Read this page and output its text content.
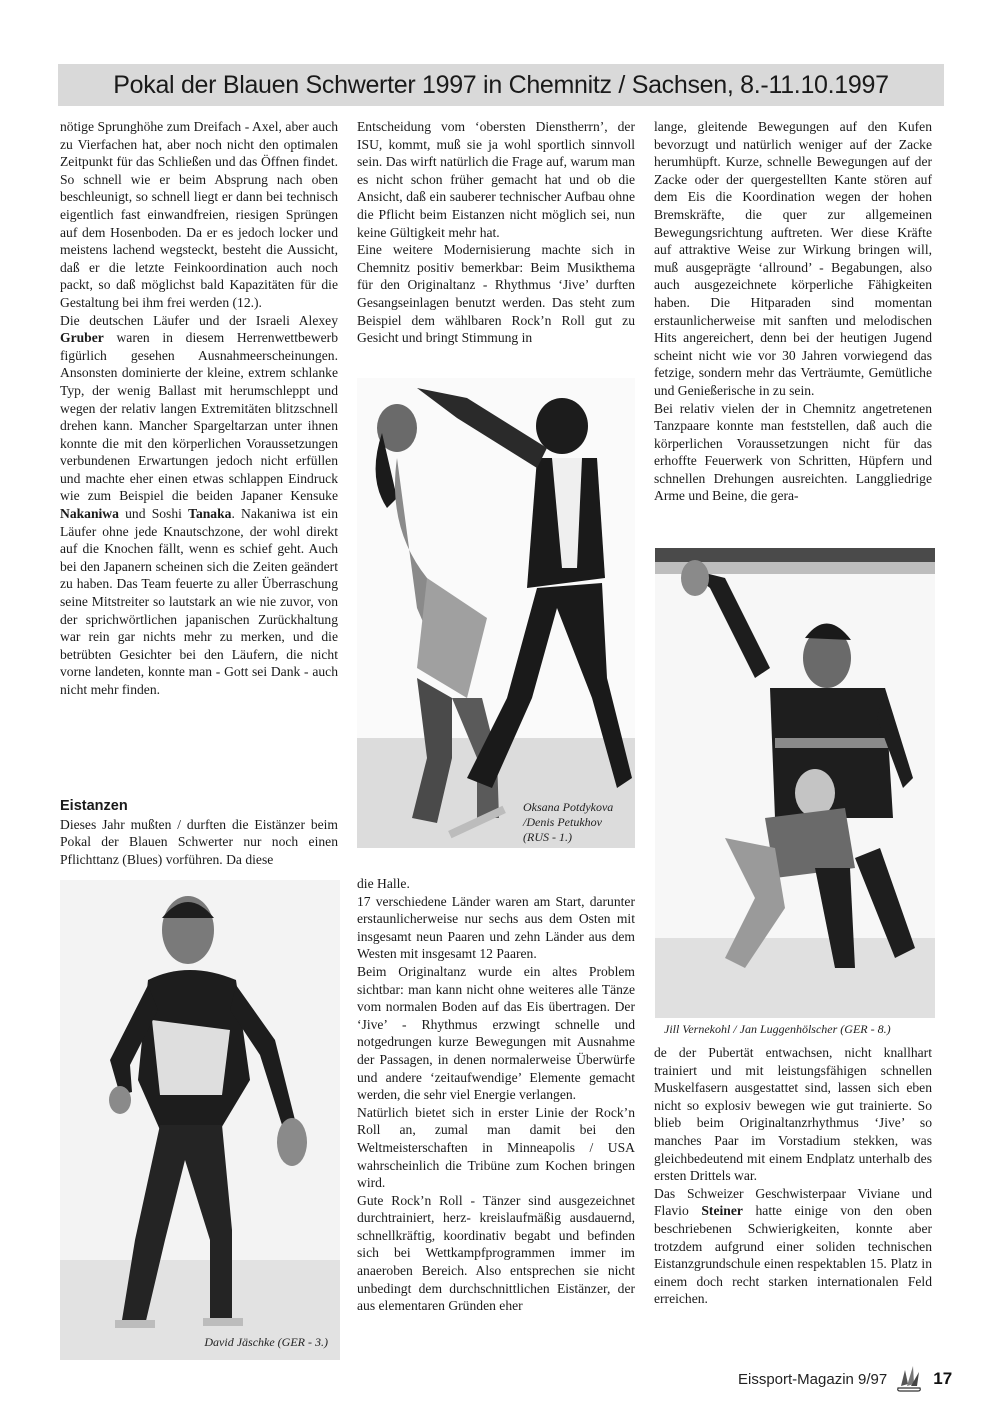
Pokal der Blauen Schwerter 1997 in Chemnitz / Sachsen, 8.-11.10.1997

nötige Sprunghöhe zum Dreifach - Axel, aber auch zu Vierfachen hat, aber noch nicht den optimalen Zeitpunkt für das Schließen und das Öffnen findet. So schnell wie er beim Absprung nach oben beschleunigt, so schnell liegt er dann bei technisch eigentlich fast einwandfreien, riesigen Sprüngen auf dem Hosenboden. Da er es jedoch locker und meistens lachend wegsteckt, besteht die Aussicht, daß er die letzte Feinkoordination auch noch packt, so daß möglichst bald Kapazitäten für die Gestaltung bei ihm frei werden (12.).

Die deutschen Läufer und der Israeli Alexey Gruber waren in diesem Herrenwettbewerb figürlich gesehen Ausnahmeerscheinungen. Ansonsten dominierte der kleine, extrem schlanke Typ, der wenig Ballast mit herumschleppt und wegen der relativ langen Extremitäten blitzschnell drehen kann. Mancher Spargeltarzan unter ihnen konnte die mit den körperlichen Voraussetzungen verbundenen Erwartungen jedoch nicht erfüllen und machte eher einen etwas schlappen Eindruck wie zum Beispiel die beiden Japaner Kensuke Nakaniwa und Soshi Tanaka. Nakaniwa ist ein Läufer ohne jede Knautschzone, der wohl direkt auf die Knochen fällt, wenn es schief geht. Auch bei den Japanern scheinen sich die Zeiten geändert zu haben. Das Team feuerte zu aller Überraschung seine Mitstreiter so lautstark an wie nie zuvor, von der sprichwörtlichen japanischen Zurückhaltung war rein gar nichts mehr zu merken, und die betrübten Gesichter bei den Läufern, die nicht vorne landeten, konnte man - Gott sei Dank - auch nicht mehr finden.

Eistanzen

Dieses Jahr mußten / durften die Eistänzer beim Pokal der Blauen Schwerter nur noch einen Pflichttanz (Blues) vorführen. Da diese

David Jäschke (GER - 3.)

Entscheidung vom ‘obersten Dienstherrn’, der ISU, kommt, muß sie ja wohl sportlich sinnvoll sein. Das wirft natürlich die Frage auf, warum man es nicht schon früher gemacht hat und ob die Ansicht, daß ein sauberer technischer Aufbau ohne die Pflicht beim Eistanzen nicht möglich sei, nun keine Gültigkeit mehr hat.

Eine weitere Modernisierung machte sich in Chemnitz positiv bemerkbar: Beim Musikthema für den Originaltanz - Rhythmus ‘Jive’ durften Gesangseinlagen benutzt werden. Das steht zum Beispiel dem wählbaren Rock’n Roll gut zu Gesicht und bringt Stimmung in

Oksana Potdykova
/Denis Petukhov
(RUS - 1.)

die Halle.

17 verschiedene Länder waren am Start, darunter erstaunlicherweise nur sechs aus dem Osten mit insgesamt neun Paaren und zehn Länder aus dem Westen mit insgesamt 12 Paaren.

Beim Originaltanz wurde ein altes Problem sichtbar: man kann nicht ohne weiteres alle Tänze vom normalen Boden auf das Eis übertragen. Der ‘Jive’ - Rhythmus erzwingt schnelle und notgedrungen kurze Bewegungen mit Ausnahme der Passagen, in denen normalerweise Überwürfe und andere ‘zeitaufwendige’ Elemente gemacht werden, die sehr viel Energie verlangen.

Natürlich bietet sich in erster Linie der Rock’n Roll an, zumal man damit bei den Weltmeisterschaften in Minneapolis / USA wahrscheinlich die Tribüne zum Kochen bringen wird.

Gute Rock’n Roll - Tänzer sind ausgezeichnet durchtrainiert, herz- kreislaufmäßig ausdauernd, schnellkräftig, koordinativ begabt und befinden sich bei Wettkampfprogrammen immer im anaeroben Bereich. Also entsprechen sie nicht unbedingt dem durchschnittlichen Eistänzer, der aus elementaren Gründen eher

lange, gleitende Bewegungen auf den Kufen bevorzugt und natürlich weniger auf der Zacke herumhüpft. Kurze, schnelle Bewegungen auf der Zacke oder der quergestellten Kante stören auf dem Eis die Koordination wegen der hohen Bremskräfte, die quer zur allgemeinen Bewegungsrichtung auftreten. Wer diese Kräfte auf attraktive Weise zur Wirkung bringen will, muß ausgeprägte ‘allround’ - Begabungen, also auch ausgezeichnete körperliche Fähigkeiten haben. Die Hitparaden sind momentan erstaunlicherweise mit sanften und melodischen Hits angereichert, denn bei der heutigen Jugend scheint nicht wie vor 30 Jahren vorwiegend das fetzige, sondern mehr das Verträumte, Gemütliche und Genießerische in zu sein.

Bei relativ vielen der in Chemnitz angetretenen Tanzpaare konnte man feststellen, daß auch die körperlichen Voraussetzungen nicht für das erhoffte Feuerwerk von Schritten, Hüpfern und schnellen Drehungen ausreichten. Langgliedrige Arme und Beine, die gera-

Jill Vernekohl / Jan Luggenhölscher (GER - 8.)

de der Pubertät entwachsen, nicht knallhart trainiert und mit leistungsfähigen schnellen Muskelfasern ausgestattet sind, lassen sich eben nicht so explosiv bewegen wie gut trainierte. So blieb beim Originaltanzrhythmus ‘Jive’ so manches Paar im Vorstadium stekken, was gleichbedeutend mit einem Endplatz unterhalb des ersten Drittels war.

Das Schweizer Geschwisterpaar Viviane und Flavio Steiner hatte einige von den oben beschriebenen Schwierigkeiten, konnte aber trotzdem aufgrund einer soliden technischen Eistanzgrundschule einen respektablen 15. Platz in einem doch recht starken internationalen Feld erreichen.

Eissport-Magazin 9/97	17
